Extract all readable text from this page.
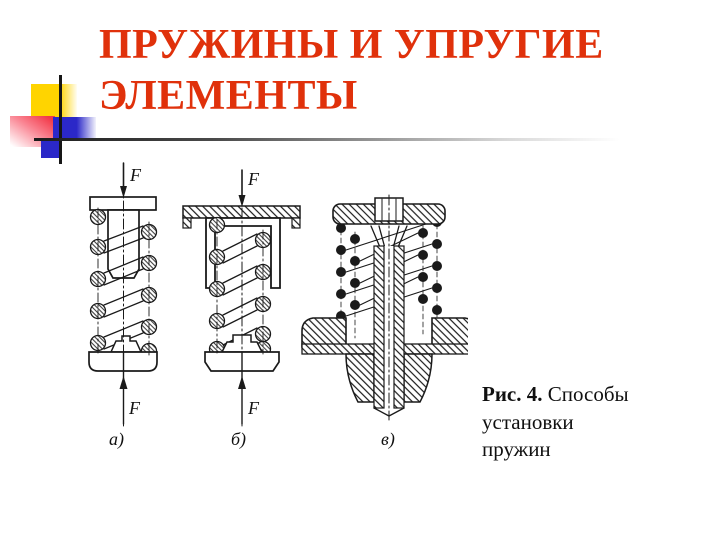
ПРУЖИНЫ И УПРУГИЕ
ЭЛЕМЕНТЫ
F
F
а)
F
F
б)	в)
Рис. 4. Способы
установки
пружин
